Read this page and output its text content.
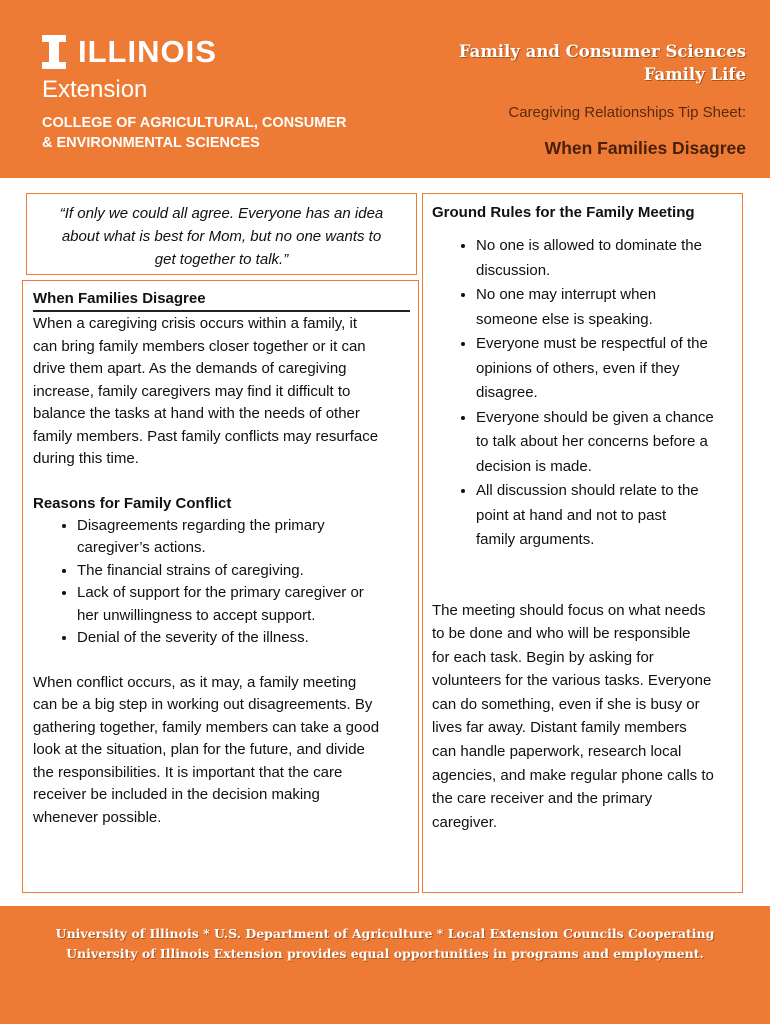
ILLINOIS
Extension
COLLEGE OF AGRICULTURAL, CONSUMER
& ENVIRONMENTAL SCIENCES
Family and Consumer Sciences
Family Life
Caregiving Relationships Tip Sheet:
When Families Disagree
“If only we could all agree. Everyone has an idea
about what is best for Mom, but no one wants to
get together to talk.”
When Families Disagree
When a caregiving crisis occurs within a family, it
can bring family members closer together or it can
drive them apart. As the demands of caregiving
increase, family caregivers may find it difficult to
balance the tasks at hand with the needs of other
family members. Past family conflicts may resurface
during this time.
Reasons for Family Conflict
• Disagreements regarding the primary
caregiver’s actions.
• The financial strains of caregiving.
• Lack of support for the primary caregiver or
her unwillingness to accept support.
• Denial of the severity of the illness.
When conflict occurs, as it may, a family meeting
can be a big step in working out disagreements. By
gathering together, family members can take a good
look at the situation, plan for the future, and divide
the responsibilities. It is important that the care
receiver be included in the decision making
whenever possible.
Ground Rules for the Family Meeting
• No one is allowed to dominate the
discussion.
• No one may interrupt when
someone else is speaking.
• Everyone must be respectful of the
opinions of others, even if they
disagree.
• Everyone should be given a chance
to talk about her concerns before a
decision is made.
• All discussion should relate to the
point at hand and not to past
family arguments.
The meeting should focus on what needs
to be done and who will be responsible
for each task. Begin by asking for
volunteers for the various tasks. Everyone
can do something, even if she is busy or
lives far away. Distant family members
can handle paperwork, research local
agencies, and make regular phone calls to
the care receiver and the primary
caregiver.
University of Illinois * U.S. Department of Agriculture * Local Extension Councils Cooperating
University of Illinois Extension provides equal opportunities in programs and employment.
